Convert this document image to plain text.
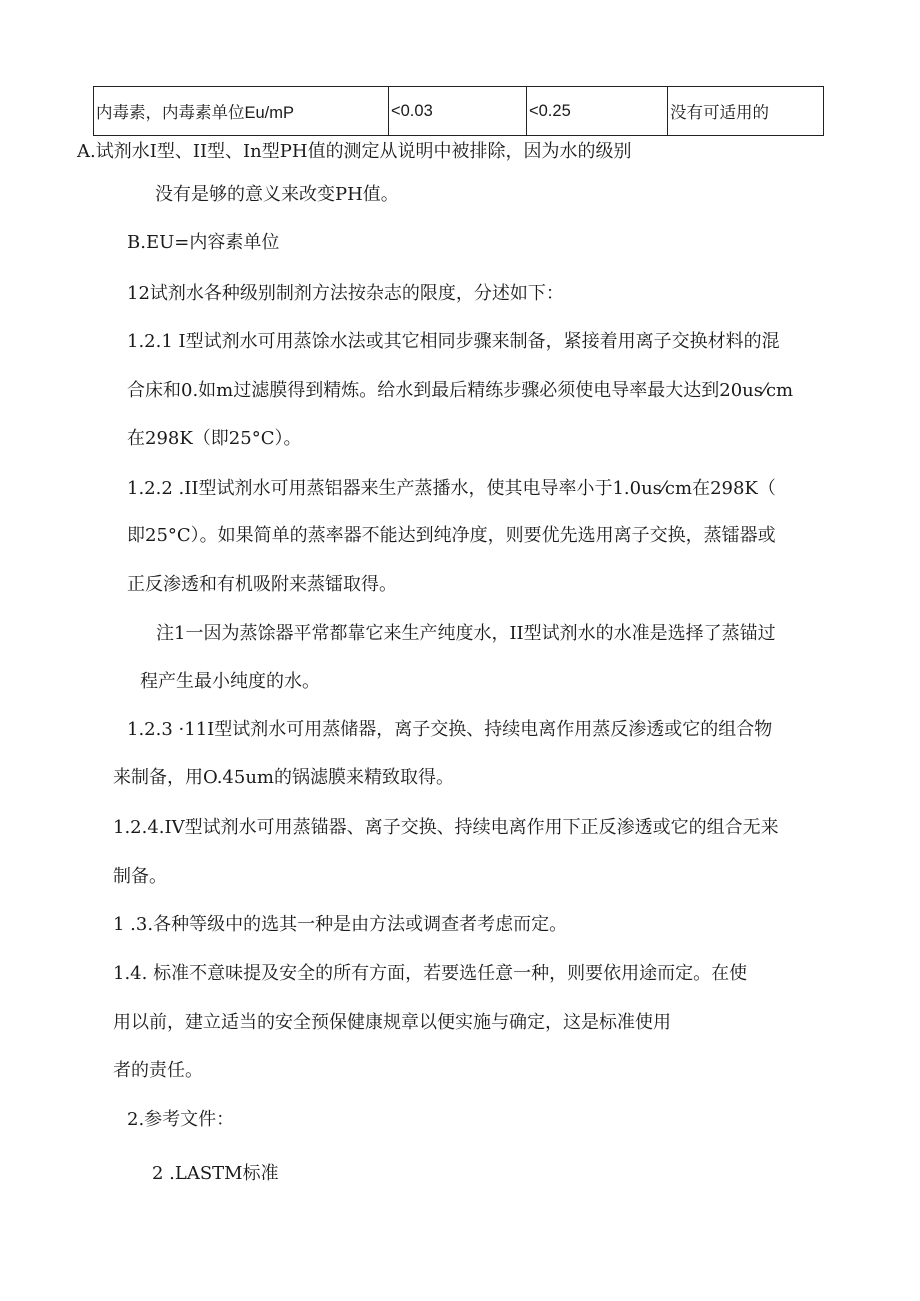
内毒素，内毒素单位Eu/mP	<0.03	<0.25	没有可适用的
A.试剂水I型、II型、In型PH值的测定从说明中被排除，因为水的级别
没有是够的意义来改变PH值。
B.EU=内容素单位
12试剂水各种级别制剂方法按杂志的限度，分述如下：
1.2.1 I型试剂水可用蒸馀水法或其它相同步骤来制备，紧接着用离子交换材料的混
合床和0.如m过滤膜得到精炼。给水到最后精练步骤必须使电导率最大达到20us⁄cm
在298K（即25°C）。
1.2.2 .II型试剂水可用蒸铝器来生产蒸播水，使其电导率小于1.0us⁄cm在298K（
即25°C）。如果简单的蒸率器不能达到纯净度，则要优先选用离子交换，蒸镭器或
正反渗透和有机吸附来蒸镭取得。
注1一因为蒸馀器平常都靠它来生产纯度水，II型试剂水的水准是选择了蒸锚过
程产生最小纯度的水。
1.2.3 ·11I型试剂水可用蒸储器，离子交换、持续电离作用蒸反渗透或它的组合物
来制备，用O.45um的锅滤膜来精致取得。
1.2.4.IV型试剂水可用蒸锚器、离子交换、持续电离作用下正反渗透或它的组合无来
制备。
1 .3.各种等级中的选其一种是由方法或调查者考虑而定。
1.4. 标准不意味提及安全的所有方面，若要选任意一种，则要依用途而定。在使
用以前，建立适当的安全预保健康规章以便实施与确定，这是标准使用
者的责任。
2.参考文件：
2 .LASTM标准
